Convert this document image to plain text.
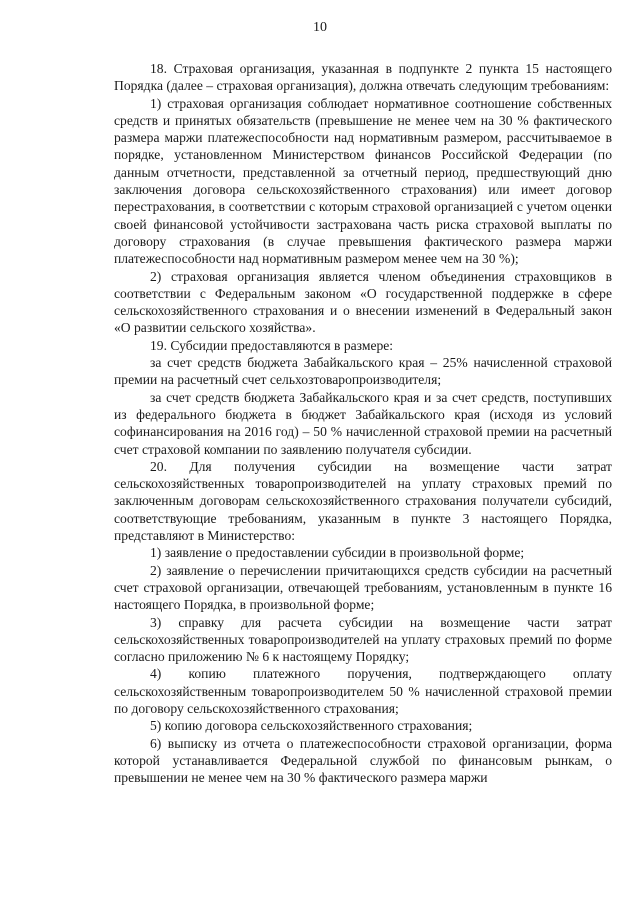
10

18. Страховая организация, указанная в подпункте 2 пункта 15 настоящего Порядка (далее – страховая организация), должна отвечать следующим требованиям:

1) страховая организация соблюдает нормативное соотношение собственных средств и принятых обязательств (превышение не менее чем на 30 % фактического размера маржи платежеспособности над нормативным размером, рассчитываемое в порядке, установленном Министерством финансов Российской Федерации (по данным отчетности, представленной за отчетный период, предшествующий дню заключения договора сельскохозяйственного страхования) или имеет договор перестрахования, в соответствии с которым страховой организацией с учетом оценки своей финансовой устойчивости застрахована часть риска страховой выплаты по договору страхования (в случае превышения фактического размера маржи платежеспособности над нормативным размером менее чем на 30 %);

2) страховая организация является членом объединения страховщиков в соответствии с Федеральным законом «О государственной поддержке в сфере сельскохозяйственного страхования и о внесении изменений в Федеральный закон «О развитии сельского хозяйства».

19. Субсидии предоставляются в размере:

за счет средств бюджета Забайкальского края – 25% начисленной страховой премии на расчетный счет сельхозтоваропроизводителя;

за счет средств бюджета Забайкальского края и за счет средств, поступивших из федерального бюджета в бюджет Забайкальского края (исходя из условий софинансирования на 2016 год) – 50 % начисленной страховой премии на расчетный счет страховой компании по заявлению получателя субсидии.

20. Для получения субсидии на возмещение части затрат сельскохозяйственных товаропроизводителей на уплату страховых премий по заключенным договорам сельскохозяйственного страхования получатели субсидий, соответствующие требованиям, указанным в пункте 3 настоящего Порядка, представляют в Министерство:

1) заявление о предоставлении субсидии в произвольной форме;

2) заявление о перечислении причитающихся средств субсидии на расчетный счет страховой организации, отвечающей требованиям, установленным в пункте 16 настоящего Порядка, в произвольной форме;

3) справку для расчета субсидии на возмещение части затрат сельскохозяйственных товаропроизводителей на уплату страховых премий по форме согласно приложению № 6 к настоящему Порядку;

4) копию платежного поручения, подтверждающего оплату сельскохозяйственным товаропроизводителем 50 % начисленной страховой премии по договору сельскохозяйственного страхования;

5) копию договора сельскохозяйственного страхования;

6) выписку из отчета о платежеспособности страховой организации, форма которой устанавливается Федеральной службой по финансовым рынкам, о превышении не менее чем на 30 % фактического размера маржи
